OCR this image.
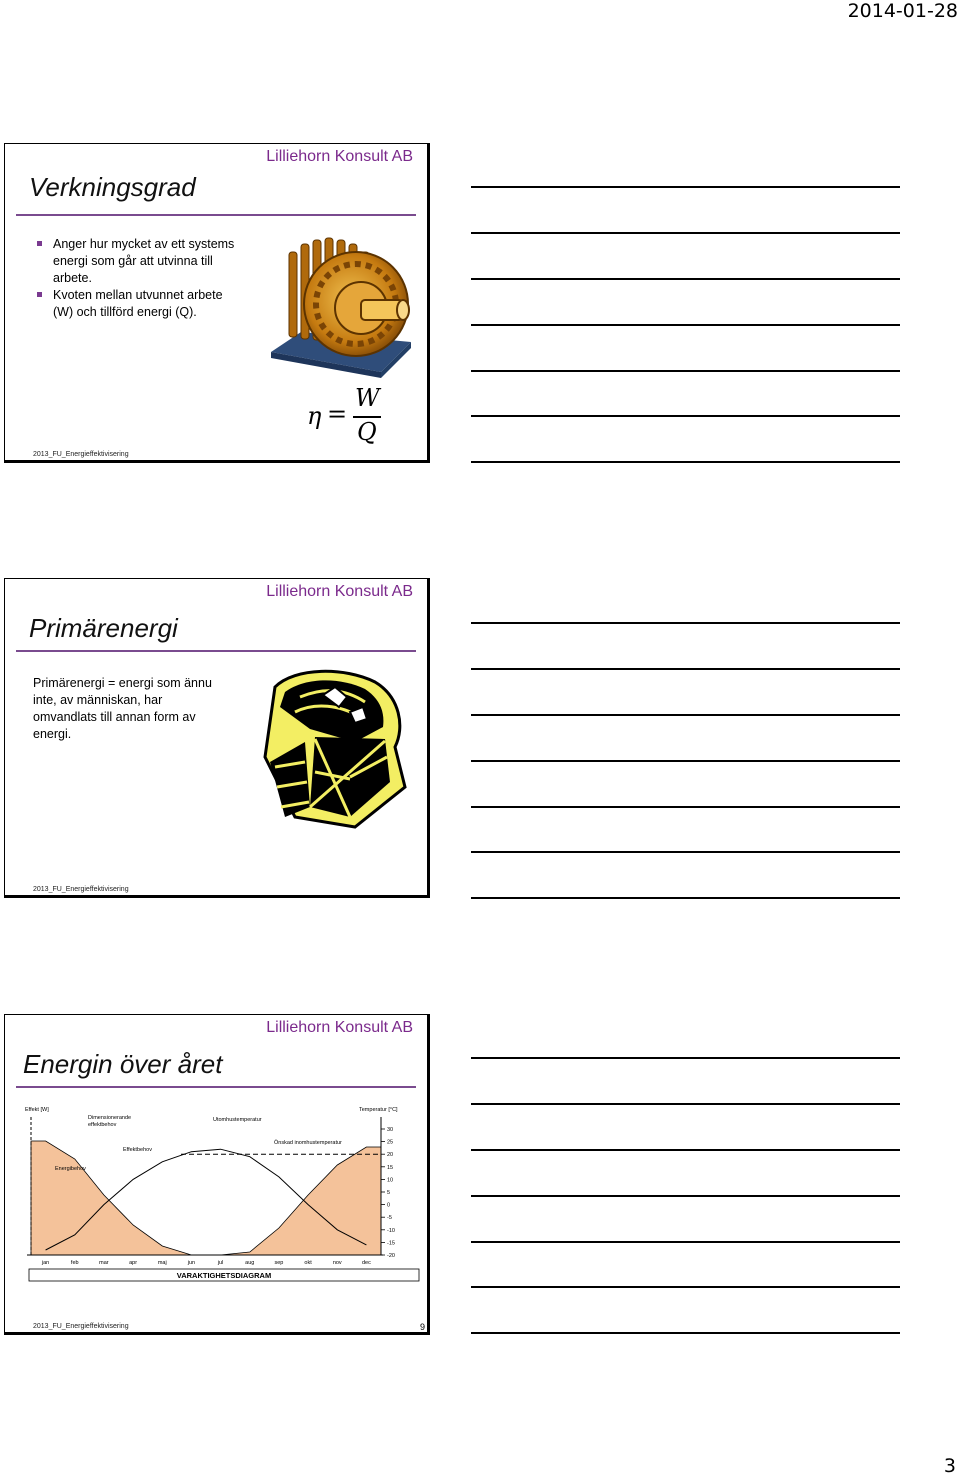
2014-01-28
Lilliehorn Konsult AB
Verkningsgrad
Anger hur mycket av ett systems energi som går att utvinna till arbete.
Kvoten mellan utvunnet arbete (W) och tillförd energi (Q).
η =
W
Q
2013_FU_Energieffektivisering
Lilliehorn Konsult AB
Primärenergi
Primärenergi = energi som ännu inte, av människan, har omvandlats till annan form av energi.
2013_FU_Energieffektivisering
Lilliehorn Konsult AB
Energin över året
30
25
20
15
10
5
0
-5
-10
-15
-20
jan	feb	mar	apr	maj	jun	jul	aug	sep	okt	nov	dec
Effekt [W]	Temperatur [°C]
Dimensionerande
effektbehov
Utomhustemperatur
Önskad inomhustemperatur
Effektbehov
Energibehov
VARAKTIGHETSDIAGRAM
2013_FU_Energieffektivisering	9
3
